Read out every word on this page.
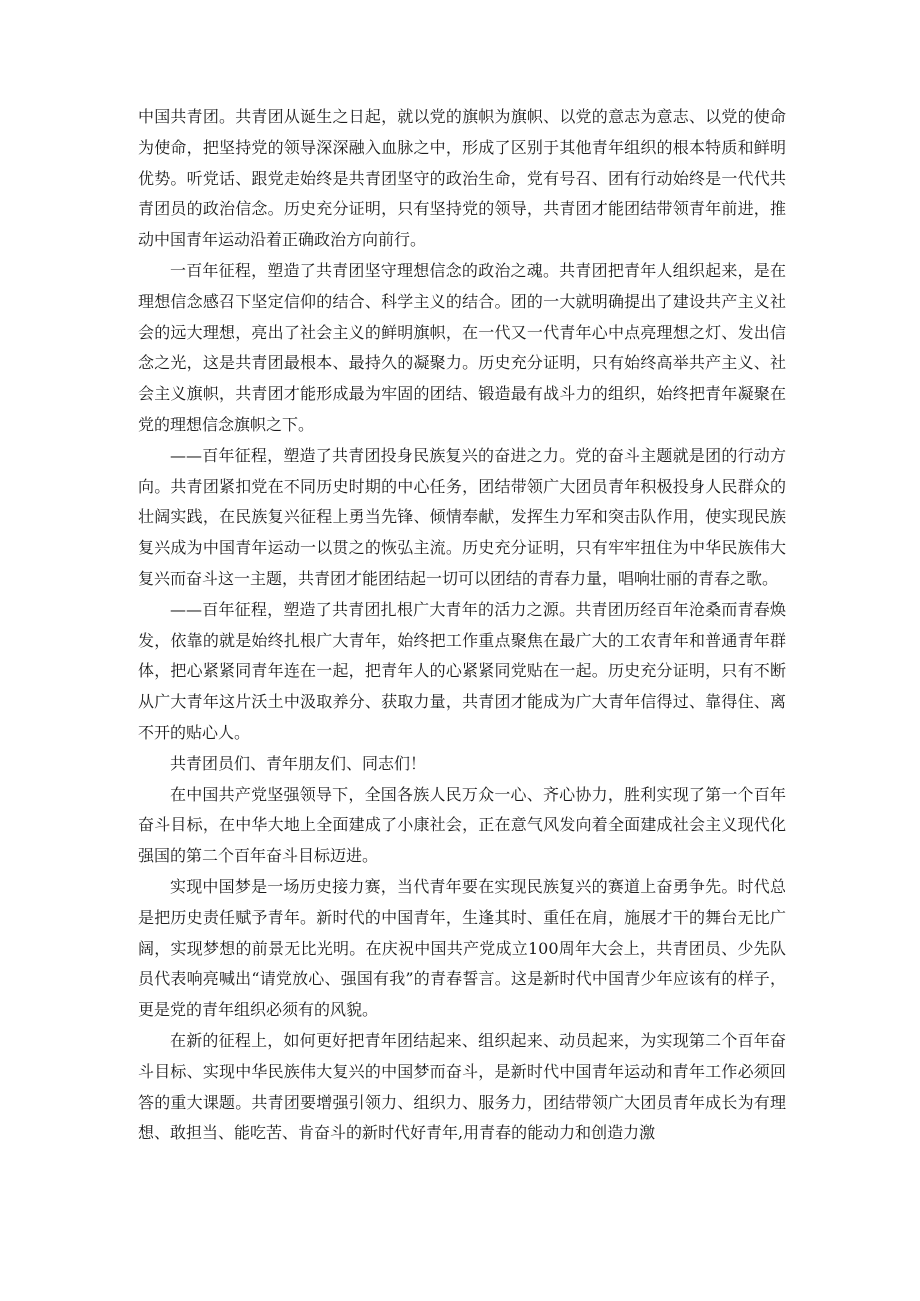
中国共青团。共青团从诞生之日起，就以党的旗帜为旗帜、以党的意志为意志、以党的使命为使命，把坚持党的领导深深融入血脉之中，形成了区别于其他青年组织的根本特质和鲜明优势。听党话、跟党走始终是共青团坚守的政治生命，党有号召、团有行动始终是一代代共青团员的政治信念。历史充分证明，只有坚持党的领导，共青团才能团结带领青年前进，推动中国青年运动沿着正确政治方向前行。

一百年征程，塑造了共青团坚守理想信念的政治之魂。共青团把青年人组织起来，是在理想信念感召下坚定信仰的结合、科学主义的结合。团的一大就明确提出了建设共产主义社会的远大理想，亮出了社会主义的鲜明旗帜，在一代又一代青年心中点亮理想之灯、发出信念之光，这是共青团最根本、最持久的凝聚力。历史充分证明，只有始终高举共产主义、社会主义旗帜，共青团才能形成最为牢固的团结、锻造最有战斗力的组织，始终把青年凝聚在党的理想信念旗帜之下。

——百年征程，塑造了共青团投身民族复兴的奋进之力。党的奋斗主题就是团的行动方向。共青团紧扣党在不同历史时期的中心任务，团结带领广大团员青年积极投身人民群众的壮阔实践，在民族复兴征程上勇当先锋、倾情奉献，发挥生力军和突击队作用，使实现民族复兴成为中国青年运动一以贯之的恢弘主流。历史充分证明，只有牢牢扭住为中华民族伟大复兴而奋斗这一主题，共青团才能团结起一切可以团结的青春力量，唱响壮丽的青春之歌。

——百年征程，塑造了共青团扎根广大青年的活力之源。共青团历经百年沧桑而青春焕发，依靠的就是始终扎根广大青年，始终把工作重点聚焦在最广大的工农青年和普通青年群体，把心紧紧同青年连在一起，把青年人的心紧紧同党贴在一起。历史充分证明，只有不断从广大青年这片沃土中汲取养分、获取力量，共青团才能成为广大青年信得过、靠得住、离不开的贴心人。

共青团员们、青年朋友们、同志们！

在中国共产党坚强领导下，全国各族人民万众一心、齐心协力，胜利实现了第一个百年奋斗目标，在中华大地上全面建成了小康社会，正在意气风发向着全面建成社会主义现代化强国的第二个百年奋斗目标迈进。

实现中国梦是一场历史接力赛，当代青年要在实现民族复兴的赛道上奋勇争先。时代总是把历史责任赋予青年。新时代的中国青年，生逢其时、重任在肩，施展才干的舞台无比广阔，实现梦想的前景无比光明。在庆祝中国共产党成立100周年大会上，共青团员、少先队员代表响亮喊出“请党放心、强国有我”的青春誓言。这是新时代中国青少年应该有的样子，更是党的青年组织必须有的风貌。

在新的征程上，如何更好把青年团结起来、组织起来、动员起来，为实现第二个百年奋斗目标、实现中华民族伟大复兴的中国梦而奋斗，是新时代中国青年运动和青年工作必须回答的重大课题。共青团要增强引领力、组织力、服务力，团结带领广大团员青年成长为有理想、敢担当、能吃苦、肯奋斗的新时代好青年,用青春的能动力和创造力激
